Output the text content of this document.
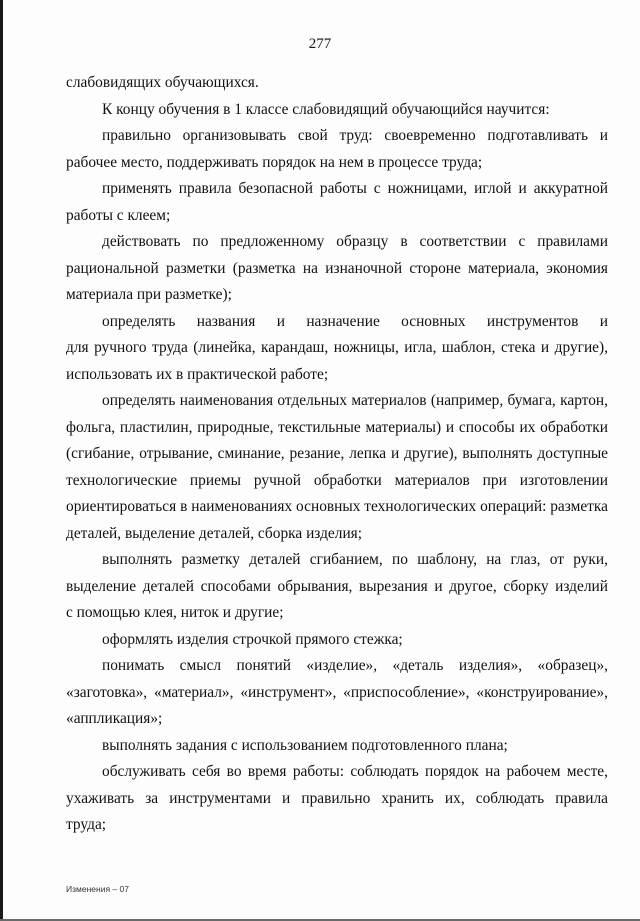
277
слабовидящих обучающихся.
К концу обучения в 1 классе слабовидящий обучающийся научится:
правильно организовывать свой труд: своевременно подготавливать и
рабочее место, поддерживать порядок на нем в процессе труда;
применять правила безопасной работы с ножницами, иглой и аккуратной
работы с клеем;
действовать по предложенному образцу в соответствии с правилами
рациональной разметки (разметка на изнаночной стороне материала, экономия
материала при разметке);
определять названия и назначение основных инструментов и
для ручного труда (линейка, карандаш, ножницы, игла, шаблон, стека и другие),
использовать их в практической работе;
определять наименования отдельных материалов (например, бумага, картон,
фольга, пластилин, природные, текстильные материалы) и способы их обработки
(сгибание, отрывание, сминание, резание, лепка и другие), выполнять доступные
технологические приемы ручной обработки материалов при изготовлении
ориентироваться в наименованиях основных технологических операций: разметка
деталей, выделение деталей, сборка изделия;
выполнять разметку деталей сгибанием, по шаблону, на глаз, от руки,
выделение деталей способами обрывания, вырезания и другое, сборку изделий
с помощью клея, ниток и другие;
оформлять изделия строчкой прямого стежка;
понимать смысл понятий «изделие», «деталь изделия», «образец»,
«заготовка», «материал», «инструмент», «приспособление», «конструирование»,
«аппликация»;
выполнять задания с использованием подготовленного плана;
обслуживать себя во время работы: соблюдать порядок на рабочем месте,
ухаживать за инструментами и правильно хранить их, соблюдать правила
труда;
Изменения – 07
